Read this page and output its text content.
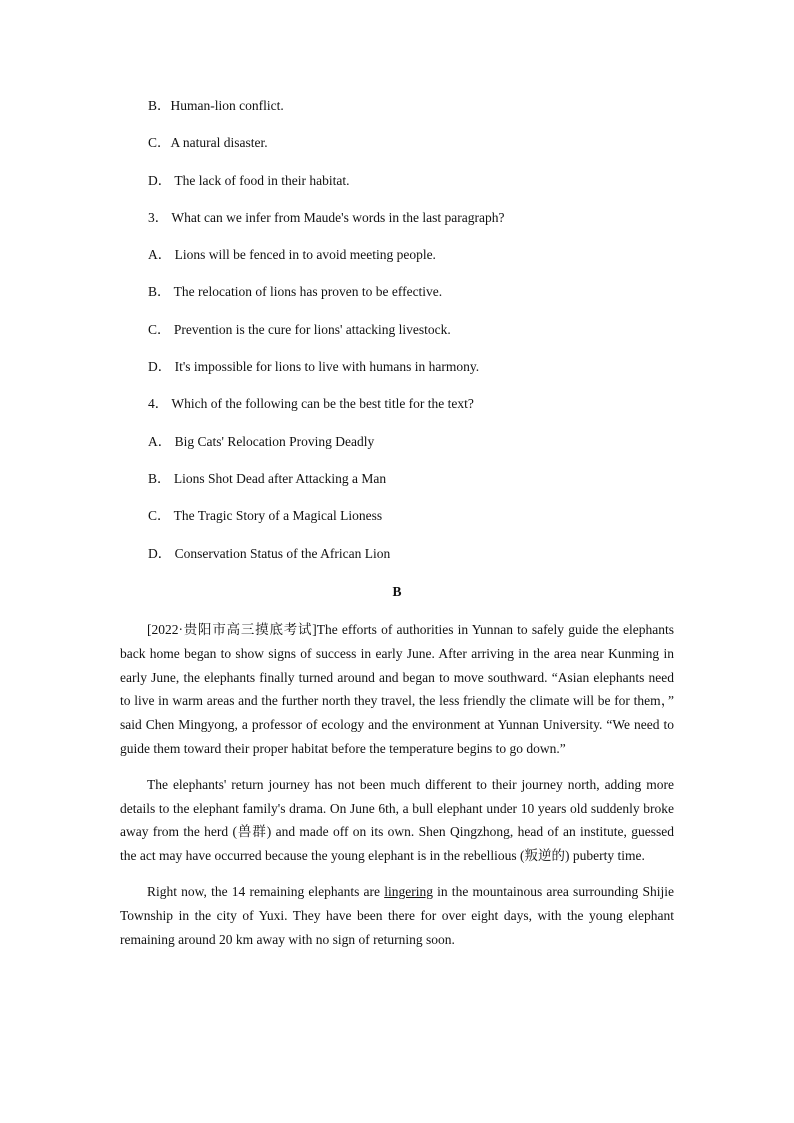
B．Human-lion conflict.
C．A natural disaster.
D． The lack of food in their habitat.
3． What can we infer from Maude's words in the last paragraph?
A． Lions will be fenced in to avoid meeting people.
B． The relocation of lions has proven to be effective.
C． Prevention is the cure for lions' attacking livestock.
D． It's impossible for lions to live with humans in harmony.
4． Which of the following can be the best title for the text?
A． Big Cats' Relocation Proving Deadly
B． Lions Shot Dead after Attacking a Man
C． The Tragic Story of a Magical Lioness
D． Conservation Status of the African Lion
B

[2022·贵阳市高三摸底考试]The efforts of authorities in Yunnan to safely guide the elephants back home began to show signs of success in early June. After arriving in the area near Kunming in early June, the elephants finally turned around and began to move southward. “Asian elephants need to live in warm areas and the further north they travel, the less friendly the climate will be for them，” said Chen Mingyong, a professor of ecology and the environment at Yunnan University. “We need to guide them toward their proper habitat before the temperature begins to go down.”

The elephants' return journey has not been much different to their journey north, adding more details to the elephant family's drama. On June 6th, a bull elephant under 10 years old suddenly broke away from the herd (兽群) and made off on its own. Shen Qingzhong, head of an institute, guessed the act may have occurred because the young elephant is in the rebellious (叛逆的) puberty time.

Right now, the 14 remaining elephants are lingering in the mountainous area surrounding Shijie Township in the city of Yuxi. They have been there for over eight days, with the young elephant remaining around 20 km away with no sign of returning soon.
